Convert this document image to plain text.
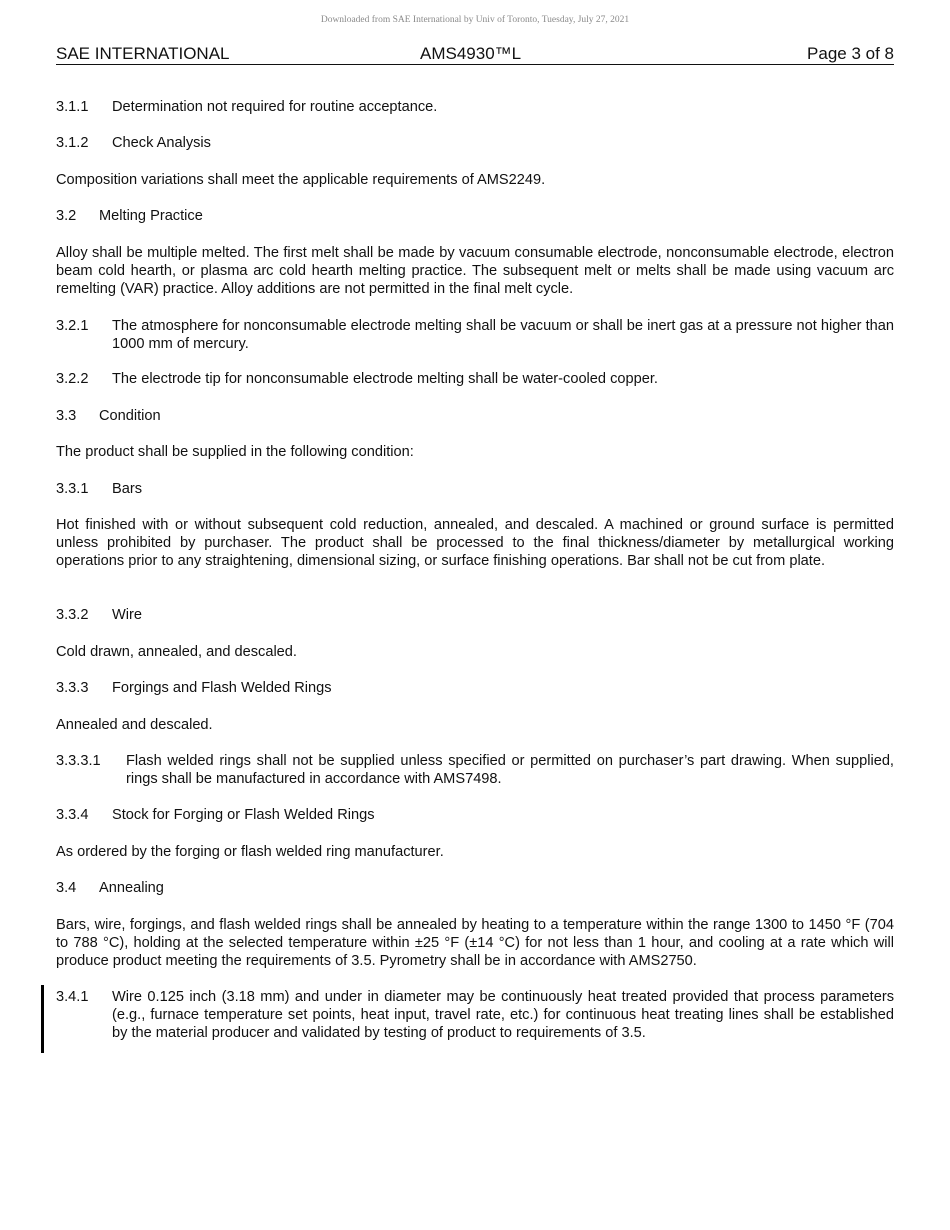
Downloaded from SAE International by Univ of Toronto, Tuesday, July 27, 2021
SAE INTERNATIONAL	AMS4930™L	Page 3 of 8
3.1.1 Determination not required for routine acceptance.
3.1.2 Check Analysis
Composition variations shall meet the applicable requirements of AMS2249.
3.2 Melting Practice
Alloy shall be multiple melted. The first melt shall be made by vacuum consumable electrode, nonconsumable electrode, electron beam cold hearth, or plasma arc cold hearth melting practice. The subsequent melt or melts shall be made using vacuum arc remelting (VAR) practice. Alloy additions are not permitted in the final melt cycle.
3.2.1 The atmosphere for nonconsumable electrode melting shall be vacuum or shall be inert gas at a pressure not higher than 1000 mm of mercury.
3.2.2 The electrode tip for nonconsumable electrode melting shall be water-cooled copper.
3.3 Condition
The product shall be supplied in the following condition:
3.3.1 Bars
Hot finished with or without subsequent cold reduction, annealed, and descaled. A machined or ground surface is permitted unless prohibited by purchaser. The product shall be processed to the final thickness/diameter by metallurgical working operations prior to any straightening, dimensional sizing, or surface finishing operations. Bar shall not be cut from plate.
3.3.2 Wire
Cold drawn, annealed, and descaled.
3.3.3 Forgings and Flash Welded Rings
Annealed and descaled.
3.3.3.1 Flash welded rings shall not be supplied unless specified or permitted on purchaser’s part drawing. When supplied, rings shall be manufactured in accordance with AMS7498.
3.3.4 Stock for Forging or Flash Welded Rings
As ordered by the forging or flash welded ring manufacturer.
3.4 Annealing
Bars, wire, forgings, and flash welded rings shall be annealed by heating to a temperature within the range 1300 to 1450 °F (704 to 788 °C), holding at the selected temperature within ±25 °F (±14 °C) for not less than 1 hour, and cooling at a rate which will produce product meeting the requirements of 3.5. Pyrometry shall be in accordance with AMS2750.
3.4.1 Wire 0.125 inch (3.18 mm) and under in diameter may be continuously heat treated provided that process parameters (e.g., furnace temperature set points, heat input, travel rate, etc.) for continuous heat treating lines shall be established by the material producer and validated by testing of product to requirements of 3.5.
